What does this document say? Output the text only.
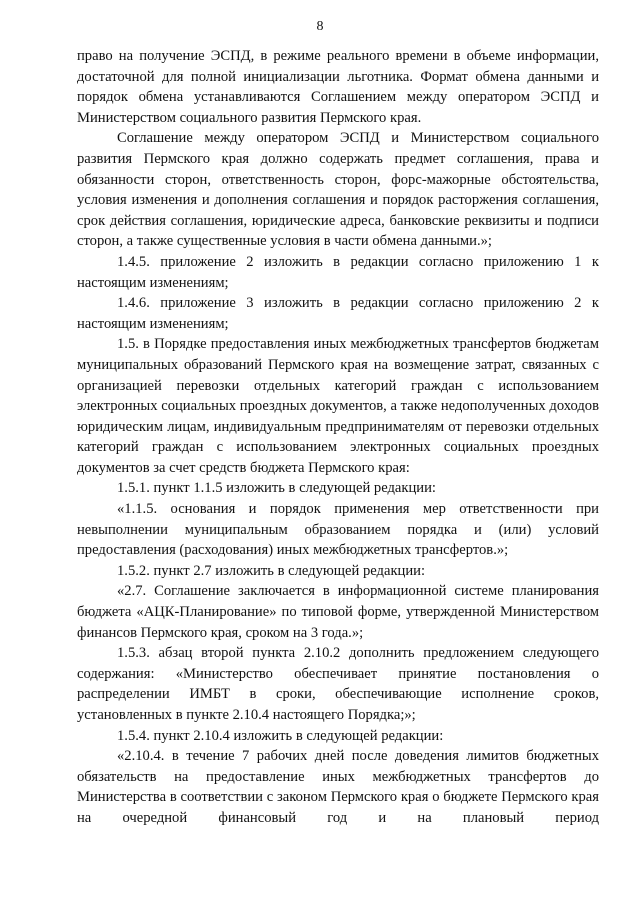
8

право на получение ЭСПД, в режиме реального времени в объеме информации, достаточной для полной инициализации льготника. Формат обмена данными и порядок обмена устанавливаются Соглашением между оператором ЭСПД и Министерством социального развития Пермского края.

Соглашение между оператором ЭСПД и Министерством социального развития Пермского края должно содержать предмет соглашения, права и обязанности сторон, ответственность сторон, форс-мажорные обстоятельства, условия изменения и дополнения соглашения и порядок расторжения соглашения, срок действия соглашения, юридические адреса, банковские реквизиты и подписи сторон, а также существенные условия в части обмена данными.»;

1.4.5. приложение 2 изложить в редакции согласно приложению 1 к настоящим изменениям;

1.4.6. приложение 3 изложить в редакции согласно приложению 2 к настоящим изменениям;

1.5. в Порядке предоставления иных межбюджетных трансфертов бюджетам муниципальных образований Пермского края на возмещение затрат, связанных с организацией перевозки отдельных категорий граждан с использованием электронных социальных проездных документов, а также недополученных доходов юридическим лицам, индивидуальным предпринимателям от перевозки отдельных категорий граждан с использованием электронных социальных проездных документов за счет средств бюджета Пермского края:

1.5.1. пункт 1.1.5 изложить в следующей редакции:

«1.1.5. основания и порядок применения мер ответственности при невыполнении муниципальным образованием порядка и (или) условий предоставления (расходования) иных межбюджетных трансфертов.»;

1.5.2. пункт 2.7 изложить в следующей редакции:

«2.7. Соглашение заключается в информационной системе планирования бюджета «АЦК-Планирование» по типовой форме, утвержденной Министерством финансов Пермского края, сроком на 3 года.»;

1.5.3. абзац второй пункта 2.10.2 дополнить предложением следующего содержания: «Министерство обеспечивает принятие постановления о распределении ИМБТ в сроки, обеспечивающие исполнение сроков, установленных в пункте 2.10.4 настоящего Порядка;»;

1.5.4. пункт 2.10.4 изложить в следующей редакции:

«2.10.4. в течение 7 рабочих дней после доведения лимитов бюджетных обязательств на предоставление иных межбюджетных трансфертов до Министерства в соответствии с законом Пермского края о бюджете Пермского края на очередной финансовый год и на плановый период
